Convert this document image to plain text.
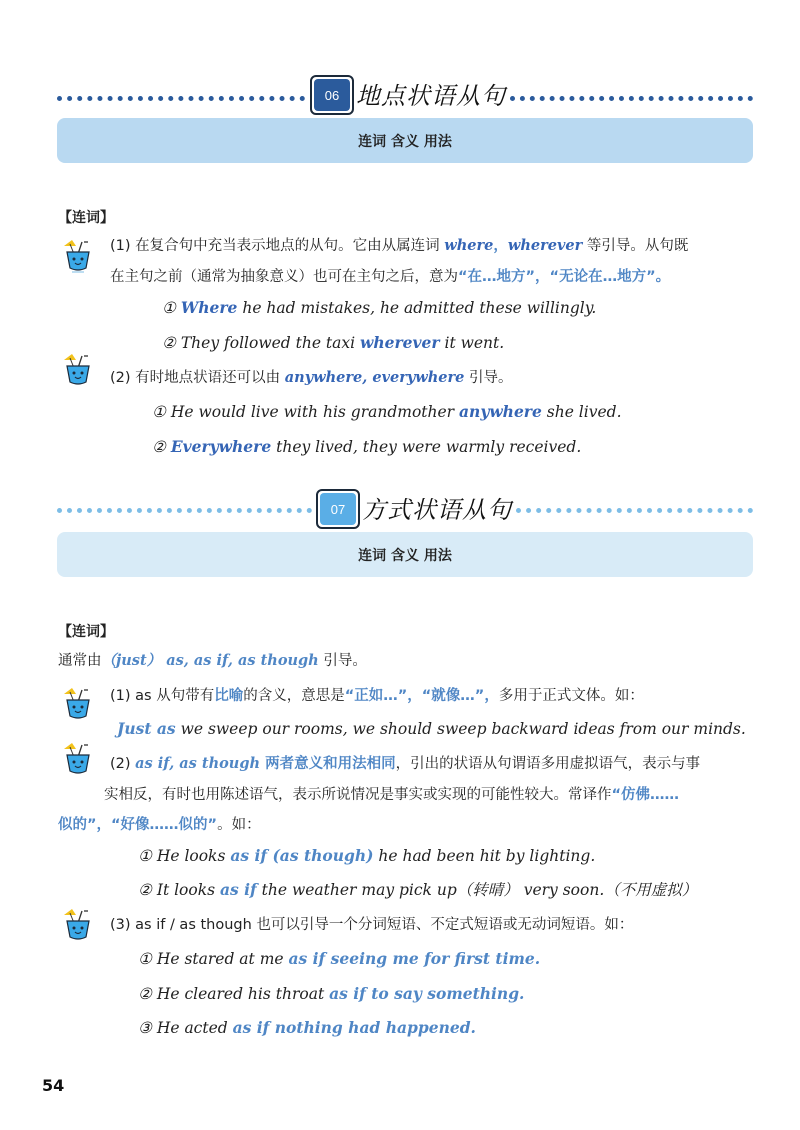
06 地点状语从句
连词 含义 用法
【连词】
(1) 在复合句中充当表示地点的从句。它由从属连词 where，wherever 等引导。从句既
在主句之前（通常为抽象意义）也可在主句之后，意为“在…地方”，“无论在…地方”。
① Where he had mistakes, he admitted these willingly.
② They followed the taxi wherever it went.
(2) 有时地点状语还可以由 anywhere, everywhere 引导。
① He would live with his grandmother anywhere she lived.
② Everywhere they lived, they were warmly received.
07 方式状语从句
连词 含义 用法
【连词】
通常由（just） as, as if, as though 引导。
(1) as 从句带有比喻的含义，意思是“正如…”，“就像…”，多用于正式文体。如：
Just as we sweep our rooms, we should sweep backward ideas from our minds.
(2) as if, as though 两者意义和用法相同，引出的状语从句谓语多用虚拟语气，表示与事
实相反，有时也用陈述语气，表示所说情况是事实或实现的可能性较大。常译作“仿佛……
似的”，“好像……似的”。如：
① He looks as if (as though) he had been hit by lighting.
② It looks as if the weather may pick up（转晴） very soon.（不用虚拟）
(3) as if / as though 也可以引导一个分词短语、不定式短语或无动词短语。如：
① He stared at me as if seeing me for first time.
② He cleared his throat as if to say something.
③ He acted as if nothing had happened.
54
